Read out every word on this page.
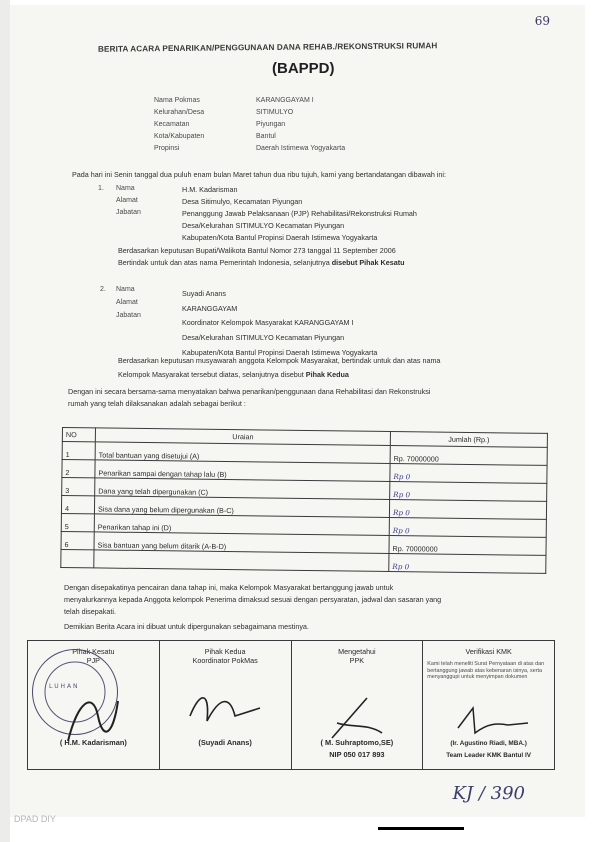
69
BERITA ACARA PENARIKAN/PENGGUNAAN DANA REHAB./REKONSTRUKSI RUMAH
(BAPPD)
Nama Pokmas	KARANGGAYAM I
Kelurahan/Desa	SITIMULYO
Kecamatan	Piyungan
Kota/Kabupaten	Bantul
Propinsi	Daerah Istimewa Yogyakarta
Pada hari ini Senin tanggal dua puluh enam bulan Maret tahun dua ribu tujuh, kami yang bertandatangan dibawah ini:
1. Nama	H.M. Kadarisman
Alamat	Desa Sitimulyo, Kecamatan Piyungan
Jabatan	Penanggung Jawab Pelaksanaan (PJP) Rehabilitasi/Rekonstruksi Rumah
Desa/Kelurahan SITIMULYO Kecamatan Piyungan
Kabupaten/Kota Bantul Propinsi Daerah Istimewa Yogyakarta
Berdasarkan keputusan Bupati/Walikota Bantul Nomor 273 tanggal 11 September 2006
Bertindak untuk dan atas nama Pemerintah Indonesia, selanjutnya disebut Pihak Kesatu
2. Nama	Suyadi Anans
Alamat
KARANGGAYAM
Jabatan
Koordinator Kelompok Masyarakat KARANGGAYAM I
Desa/Kelurahan SITIMULYO Kecamatan Piyungan
Kabupaten/Kota Bantul Propinsi Daerah Istimewa Yogyakarta
Berdasarkan keputusan musyawarah anggota Kelompok Masyarakat, bertindak untuk dan atas nama
Kelompok Masyarakat tersebut diatas, selanjutnya disebut Pihak Kedua
Dengan ini secara bersama-sama menyatakan bahwa penarikan/penggunaan dana Rehabilitasi dan Rekonstruksi
rumah yang telah dilaksanakan adalah sebagai berikut :
NO	Uraian	Jumlah (Rp.)
1	Total bantuan yang disetujui (A)	Rp. 70000000
2	Penarikan sampai dengan tahap lalu (B)	Rp 0
3	Dana yang telah dipergunakan (C)	Rp 0
4	Sisa dana yang belum dipergunakan (B-C)	Rp 0
5	Penarikan tahap ini (D)	Rp 0
6	Sisa bantuan yang belum ditarik (A-B-D)	Rp. 70000000
		Rp 0
Dengan disepakatinya pencairan dana tahap ini, maka Kelompok Masyarakat bertanggung jawab untuk
menyalurkannya kepada Anggota kelompok Penerima dimaksud sesuai dengan persyaratan, jadwal dan sasaran yang
telah disepakati.
Demikian Berita Acara ini dibuat untuk dipergunakan sebagaimana mestinya.
Pihak Kesatu
PJP
L U H A N
( H.M. Kadarisman)
Pihak Kedua
Koordinator PokMas
(Suyadi Anans)
Mengetahui
PPK
( M. Suhraptomo,SE)
NIP 050 017 893
Verifikasi KMK
Kami telah meneliti Surat Pernyataan di atas dan bertanggung jawab atas kebenaran isinya, serta menyanggupi untuk menyimpan dokumen
(Ir. Agustino Riadi, MBA.)
Team Leader KMK Bantul IV
KJ / 390
DPAD DIY
